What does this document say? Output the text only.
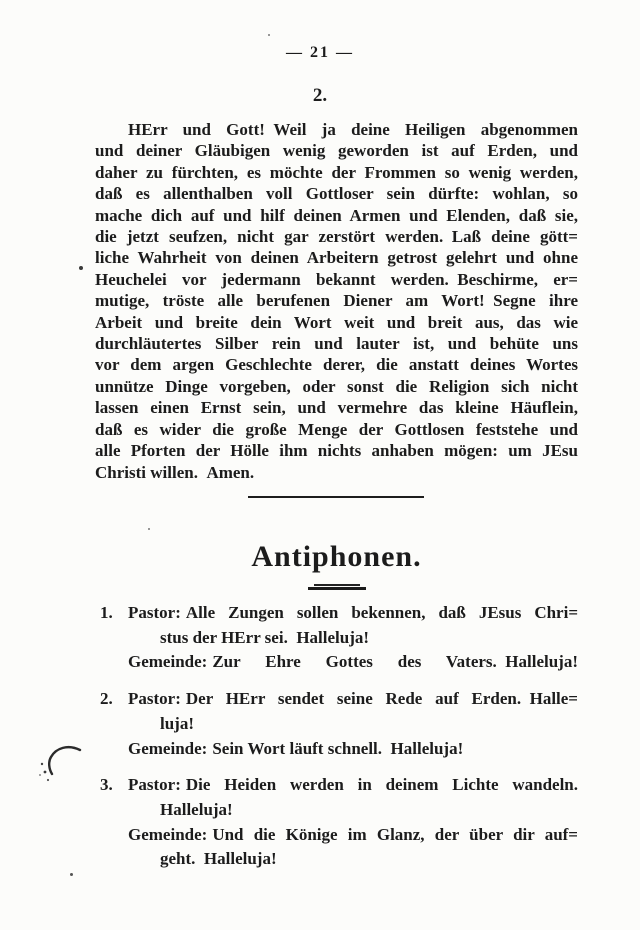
— 21 —
2.
HErr und Gott! Weil ja deine Heiligen abgenommen
und deiner Gläubigen wenig geworden ist auf Erden, und
daher zu fürchten, es möchte der Frommen so wenig werden,
daß es allenthalben voll Gottloser sein dürfte: wohlan, so
mache dich auf und hilf deinen Armen und Elenden, daß sie,
die jetzt seufzen, nicht gar zerstört werden. Laß deine gött=
liche Wahrheit von deinen Arbeitern getrost gelehrt und ohne
Heuchelei vor jedermann bekannt werden. Beschirme, er=
mutige, tröste alle berufenen Diener am Wort! Segne ihre
Arbeit und breite dein Wort weit und breit aus, das wie
durchläutertes Silber rein und lauter ist, und behüte uns
vor dem argen Geschlechte derer, die anstatt deines Wortes
unnütze Dinge vorgeben, oder sonst die Religion sich nicht
lassen einen Ernst sein, und vermehre das kleine Häuflein,
daß es wider die große Menge der Gottlosen feststehe und
alle Pforten der Hölle ihm nichts anhaben mögen: um JEsu
Christi willen. Amen.
Antiphonen.
1. Pastor: Alle Zungen sollen bekennen, daß JEsus Chri=
stus der HErr sei. Halleluja!
Gemeinde: Zur Ehre Gottes des Vaters. Halleluja!
2. Pastor: Der HErr sendet seine Rede auf Erden. Halle=
luja!
Gemeinde: Sein Wort läuft schnell. Halleluja!
3. Pastor: Die Heiden werden in deinem Lichte wandeln.
Halleluja!
Gemeinde: Und die Könige im Glanz, der über dir auf=
geht. Halleluja!
